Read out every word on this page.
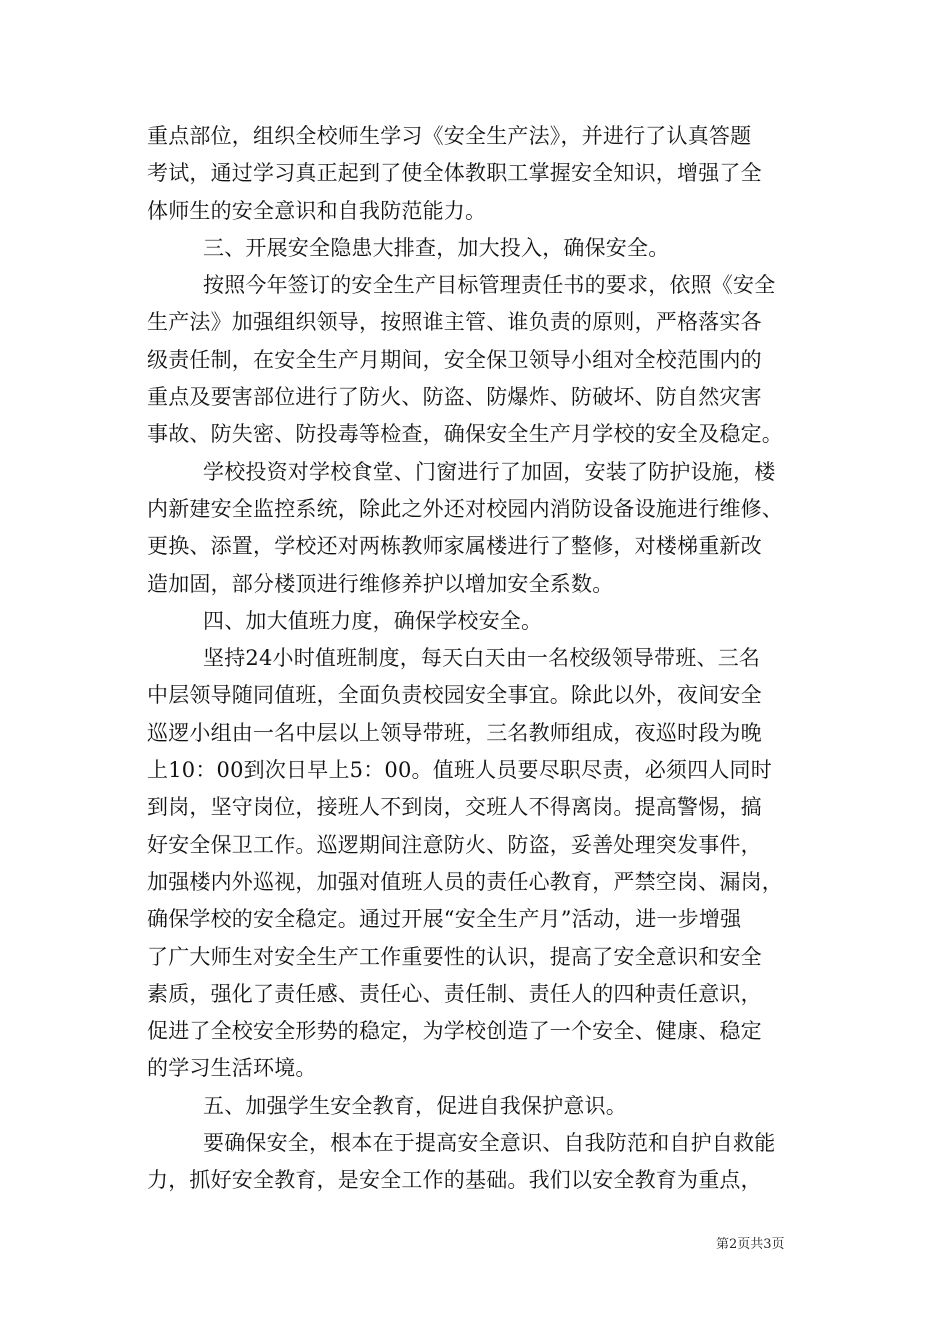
重点部位，组织全校师生学习《安全生产法》，并进行了认真答题
考试，通过学习真正起到了使全体教职工掌握安全知识，增强了全
体师生的安全意识和自我防范能力。
三、开展安全隐患大排查，加大投入，确保安全。
按照今年签订的安全生产目标管理责任书的要求，依照《安全
生产法》加强组织领导，按照谁主管、谁负责的原则，严格落实各
级责任制，在安全生产月期间，安全保卫领导小组对全校范围内的
重点及要害部位进行了防火、防盗、防爆炸、防破坏、防自然灾害
事故、防失密、防投毒等检查，确保安全生产月学校的安全及稳定。
学校投资对学校食堂、门窗进行了加固，安装了防护设施，楼
内新建安全监控系统，除此之外还对校园内消防设备设施进行维修、
更换、添置，学校还对两栋教师家属楼进行了整修，对楼梯重新改
造加固，部分楼顶进行维修养护以增加安全系数。
四、加大值班力度，确保学校安全。
坚持24小时值班制度，每天白天由一名校级领导带班、三名
中层领导随同值班，全面负责校园安全事宜。除此以外，夜间安全
巡逻小组由一名中层以上领导带班，三名教师组成，夜巡时段为晚
上10：00到次日早上5：00。值班人员要尽职尽责，必须四人同时
到岗，坚守岗位，接班人不到岗，交班人不得离岗。提高警惕，搞
好安全保卫工作。巡逻期间注意防火、防盗，妥善处理突发事件，
加强楼内外巡视，加强对值班人员的责任心教育，严禁空岗、漏岗，
确保学校的安全稳定。通过开展“安全生产月”活动，进一步增强
了广大师生对安全生产工作重要性的认识，提高了安全意识和安全
素质，强化了责任感、责任心、责任制、责任人的四种责任意识，
促进了全校安全形势的稳定，为学校创造了一个安全、健康、稳定
的学习生活环境。
五、加强学生安全教育，促进自我保护意识。
要确保安全，根本在于提高安全意识、自我防范和自护自救能
力，抓好安全教育，是安全工作的基础。我们以安全教育为重点，
第2页共3页
